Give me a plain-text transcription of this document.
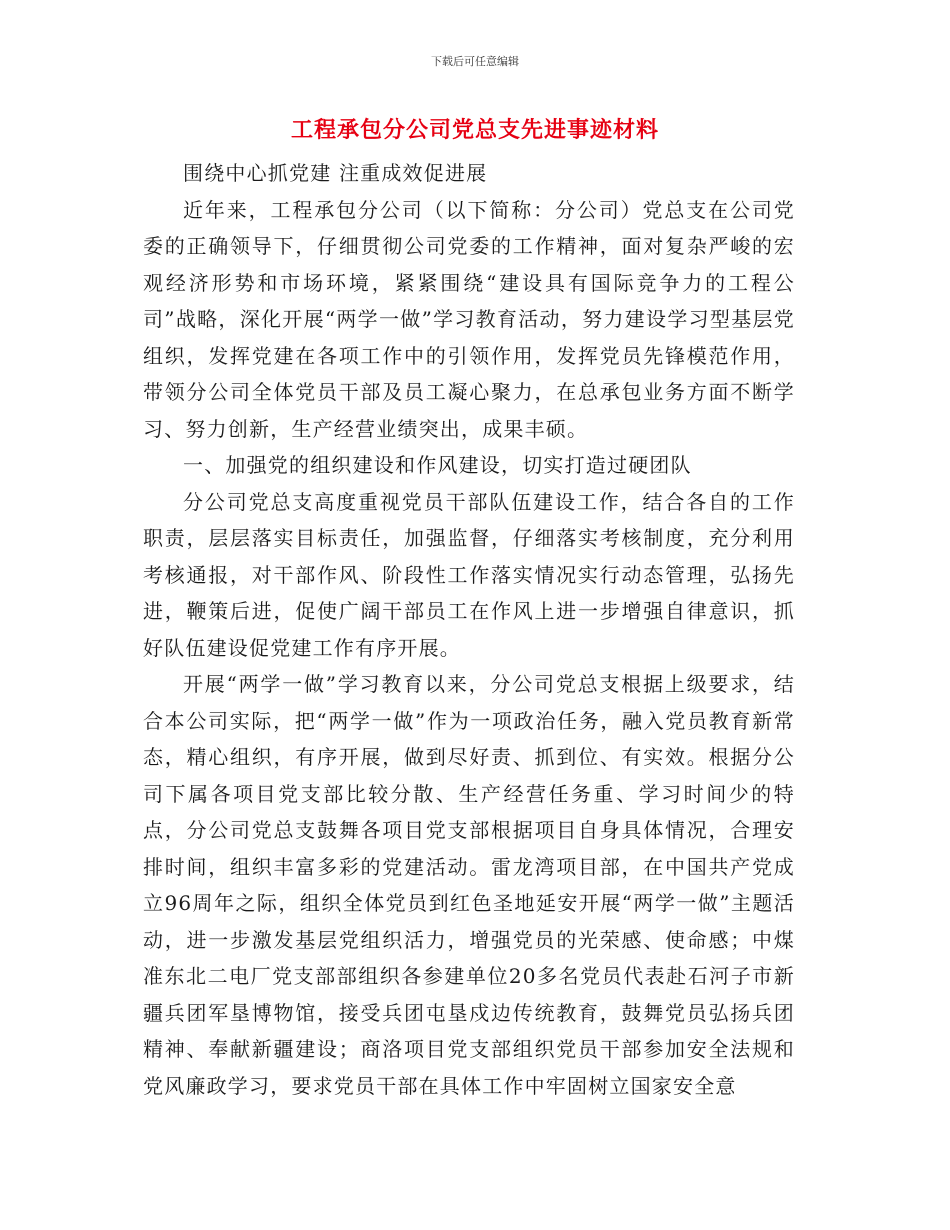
下载后可任意编辑
工程承包分公司党总支先进事迹材料

围绕中心抓党建 注重成效促进展

近年来，工程承包分公司（以下简称：分公司）党总支在公司党委的正确领导下，仔细贯彻公司党委的工作精神，面对复杂严峻的宏观经济形势和市场环境，紧紧围绕“建设具有国际竞争力的工程公司”战略，深化开展“两学一做”学习教育活动，努力建设学习型基层党组织，发挥党建在各项工作中的引领作用，发挥党员先锋模范作用，带领分公司全体党员干部及员工凝心聚力，在总承包业务方面不断学习、努力创新，生产经营业绩突出，成果丰硕。

一、加强党的组织建设和作风建设，切实打造过硬团队

分公司党总支高度重视党员干部队伍建设工作，结合各自的工作职责，层层落实目标责任，加强监督，仔细落实考核制度，充分利用考核通报，对干部作风、阶段性工作落实情况实行动态管理，弘扬先进，鞭策后进，促使广阔干部员工在作风上进一步增强自律意识，抓好队伍建设促党建工作有序开展。

开展“两学一做”学习教育以来，分公司党总支根据上级要求，结合本公司实际，把“两学一做”作为一项政治任务，融入党员教育新常态，精心组织，有序开展，做到尽好责、抓到位、有实效。根据分公司下属各项目党支部比较分散、生产经营任务重、学习时间少的特点，分公司党总支鼓舞各项目党支部根据项目自身具体情况，合理安排时间，组织丰富多彩的党建活动。雷龙湾项目部，在中国共产党成立96周年之际，组织全体党员到红色圣地延安开展“两学一做”主题活动，进一步激发基层党组织活力，增强党员的光荣感、使命感；中煤准东北二电厂党支部部组织各参建单位20多名党员代表赴石河子市新疆兵团军垦博物馆，接受兵团屯垦戍边传统教育，鼓舞党员弘扬兵团精神、奉献新疆建设；商洛项目党支部组织党员干部参加安全法规和党风廉政学习，要求党员干部在具体工作中牢固树立国家安全意
